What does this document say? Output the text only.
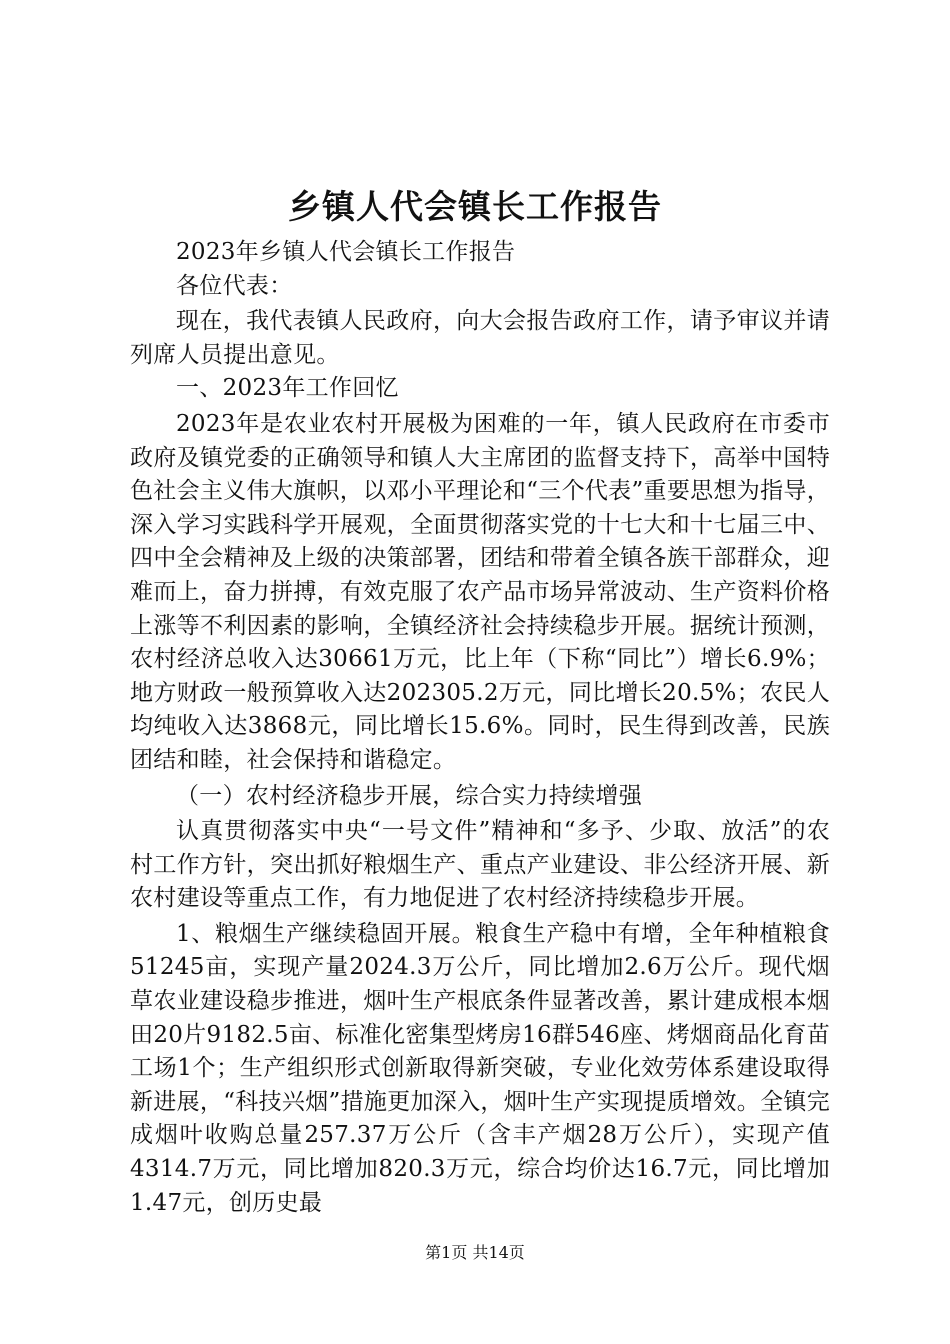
乡镇人代会镇长工作报告

2023年乡镇人代会镇长工作报告

各位代表：

现在，我代表镇人民政府，向大会报告政府工作，请予审议并请列席人员提出意见。

一、2023年工作回忆

2023年是农业农村开展极为困难的一年，镇人民政府在市委市政府及镇党委的正确领导和镇人大主席团的监督支持下，高举中国特色社会主义伟大旗帜，以邓小平理论和“三个代表”重要思想为指导，深入学习实践科学开展观，全面贯彻落实党的十七大和十七届三中、四中全会精神及上级的决策部署，团结和带着全镇各族干部群众，迎难而上，奋力拼搏，有效克服了农产品市场异常波动、生产资料价格上涨等不利因素的影响，全镇经济社会持续稳步开展。据统计预测，农村经济总收入达30661万元，比上年（下称“同比”）增长6.9%；地方财政一般预算收入达202305.2万元，同比增长20.5%；农民人均纯收入达3868元，同比增长15.6%。同时，民生得到改善，民族团结和睦，社会保持和谐稳定。

（一）农村经济稳步开展，综合实力持续增强

认真贯彻落实中央“一号文件”精神和“多予、少取、放活”的农村工作方针，突出抓好粮烟生产、重点产业建设、非公经济开展、新农村建设等重点工作，有力地促进了农村经济持续稳步开展。

1、粮烟生产继续稳固开展。粮食生产稳中有增，全年种植粮食51245亩，实现产量2024.3万公斤，同比增加2.6万公斤。现代烟草农业建设稳步推进，烟叶生产根底条件显著改善，累计建成根本烟田20片9182.5亩、标准化密集型烤房16群546座、烤烟商品化育苗工场1个；生产组织形式创新取得新突破，专业化效劳体系建设取得新进展，“科技兴烟”措施更加深入，烟叶生产实现提质增效。全镇完成烟叶收购总量257.37万公斤（含丰产烟28万公斤），实现产值4314.7万元，同比增加820.3万元，综合均价达16.7元，同比增加1.47元，创历史最

第1页 共14页
